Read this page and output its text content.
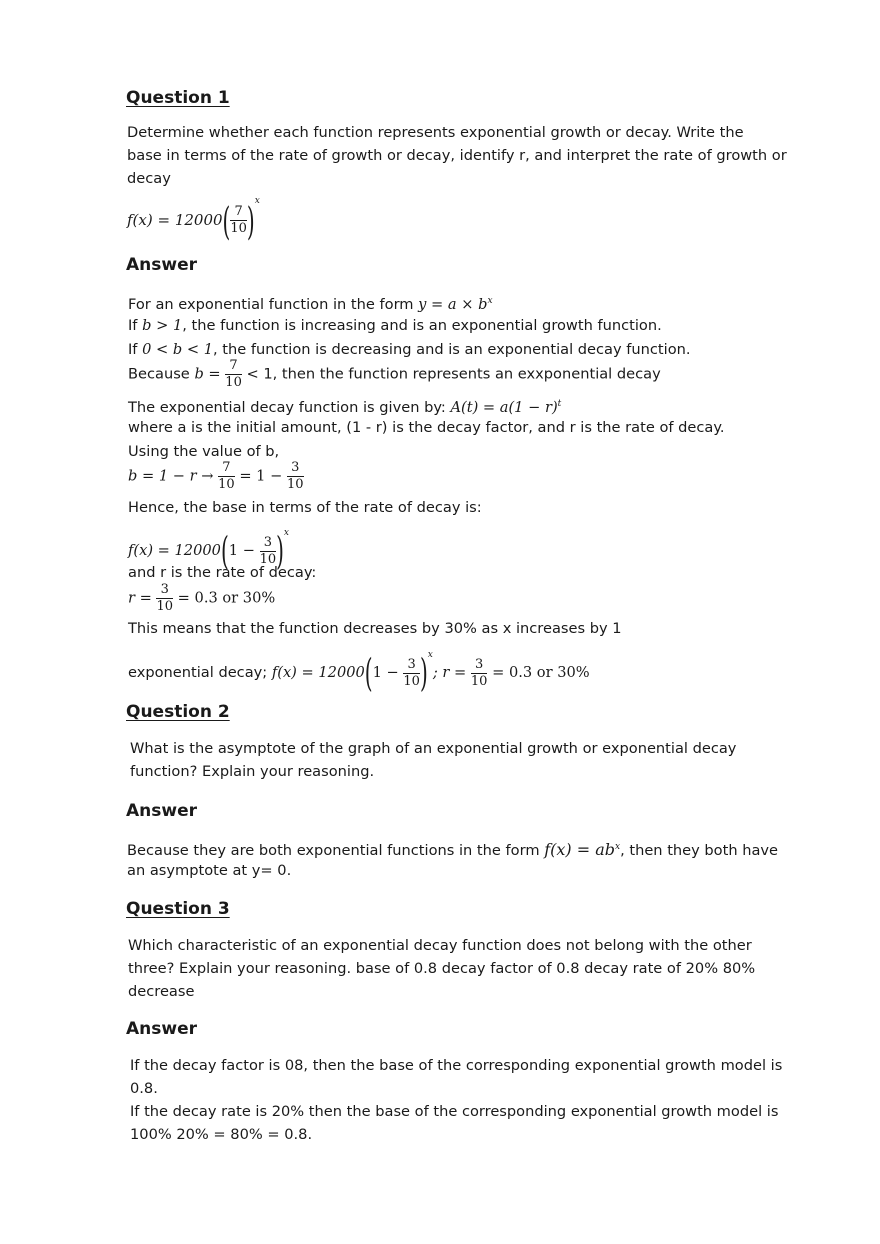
Question 1
Determine whether each function represents exponential growth or decay. Write the
base in terms of the rate of growth or decay, identify r, and interpret the rate of growth or
decay
$f(x) = 12000( \frac{7}{10} )^x$
Answer
For an exponential function in the form $y = a \times b^x$
If b > 1, the function is increasing and is an exponential growth function.
If 0 < b < 1, the function is decreasing and is an exponential decay function.
Because $b = \frac{7}{10} < 1$, then the function represents an exxponential decay
The exponential decay function is given by: $A(t) = a(1 - r)^t$
where a is the initial amount, (1 - r) is the decay factor, and r is the rate of decay.
Using the value of b,
$b = 1 - r \to \frac{7}{10} = 1 - \frac{3}{10}$
Hence, the base in terms of the rate of decay is:
$f(x) = 12000(1 - \frac{3}{10} )^x$
and r is the rate of decay:
$r = \frac{3}{10} = 0.3$ or 30%
This means that the function decreases by 30% as x increases by 1
exponential decay; $f(x) = 12000(1 - \frac{3}{10} )^x$; $r = \frac{3}{10} = 0.3$ or 30%
Question 2
What is the asymptote of the graph of an exponential growth or exponential decay
function? Explain your reasoning.
Answer
Because they are both exponential functions in the form $f(x) = ab^x$, then they both have
an asymptote at y= 0.
Question 3
Which characteristic of an exponential decay function does not belong with the other
three? Explain your reasoning. base of 0.8 decay factor of 0.8 decay rate of 20% 80%
decrease
Answer
If the decay factor is 08, then the base of the corresponding exponential growth model is
0.8.
If the decay rate is 20% then the base of the corresponding exponential growth model is
100% 20% = 80% = 0.8.
